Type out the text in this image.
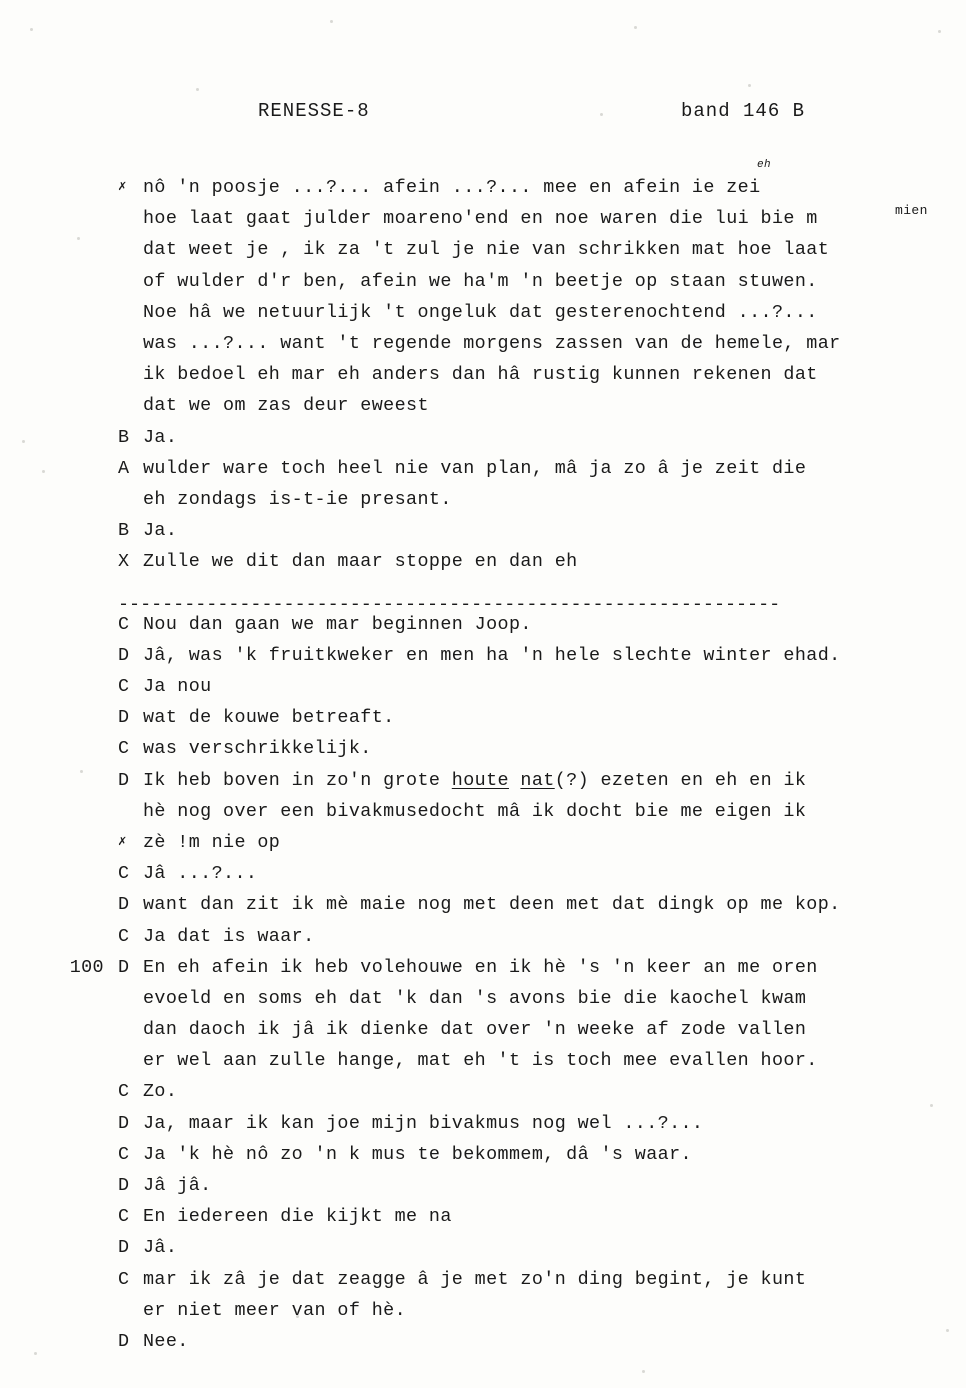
RENESSE-8	band 146 B
✗ nô 'n poosje ...?... afein ...?... mee en afein ie zei
hoe laat gaat julder moareno'end en noe waren die lui bie m
dat weet je , ik za 't zul je nie van schrikken mat hoe laat
of wulder d'r ben, afein we ha'm 'n beetje op staan stuwen.
Noe hâ we netuurlijk 't ongeluk dat gesterenochtend ...?...
was ...?... want 't regende morgens zassen van de hemele, mar
ik bedoel eh mar eh anders dan hâ rustig kunnen rekenen dat
dat we om zas deur eweest
B Ja.
A wulder ware toch heel nie van plan, mâ ja zo â je zeit die
eh zondags is-t-ie presant.
B Ja.
X Zulle we dit dan maar stoppe en dan eh
------------------------------------------------------------
C Nou dan gaan we mar beginnen Joop.
D Jâ, was 'k fruitkweker en men ha 'n hele slechte winter ehad.
C Ja nou
D wat de kouwe betreaft.
C was verschrikkelijk.
D Ik heb boven in zo'n grote houte nat(?) ezeten en eh en ik
hè nog over een bivakmusedocht mâ ik docht bie me eigen ik
✗ zè !m nie op
C Jâ ...?...
D want dan zit ik mè maie nog met deen met dat dingk op me kop.
C Ja dat is waar.
100 D En eh afein ik heb volehouwe en ik hè 's 'n keer an me oren
evoeld en soms eh dat 'k dan 's avons bie die kaochel kwam
dan daoch ik jâ ik dienke dat over 'n weeke af zode vallen
er wel aan zulle hange, mat eh 't is toch mee evallen hoor.
C Zo.
D Ja, maar ik kan joe mijn bivakmus nog wel ...?...
C Ja 'k hè nô zo 'n k mus te bekommem, dâ 's waar.
D Jâ jâ.
C En iedereen die kijkt me na
D Jâ.
C mar ik zâ je dat zeagge â je met zo'n ding begint, je kunt
er niet meer van of hè.
D Nee.
eh
mien
